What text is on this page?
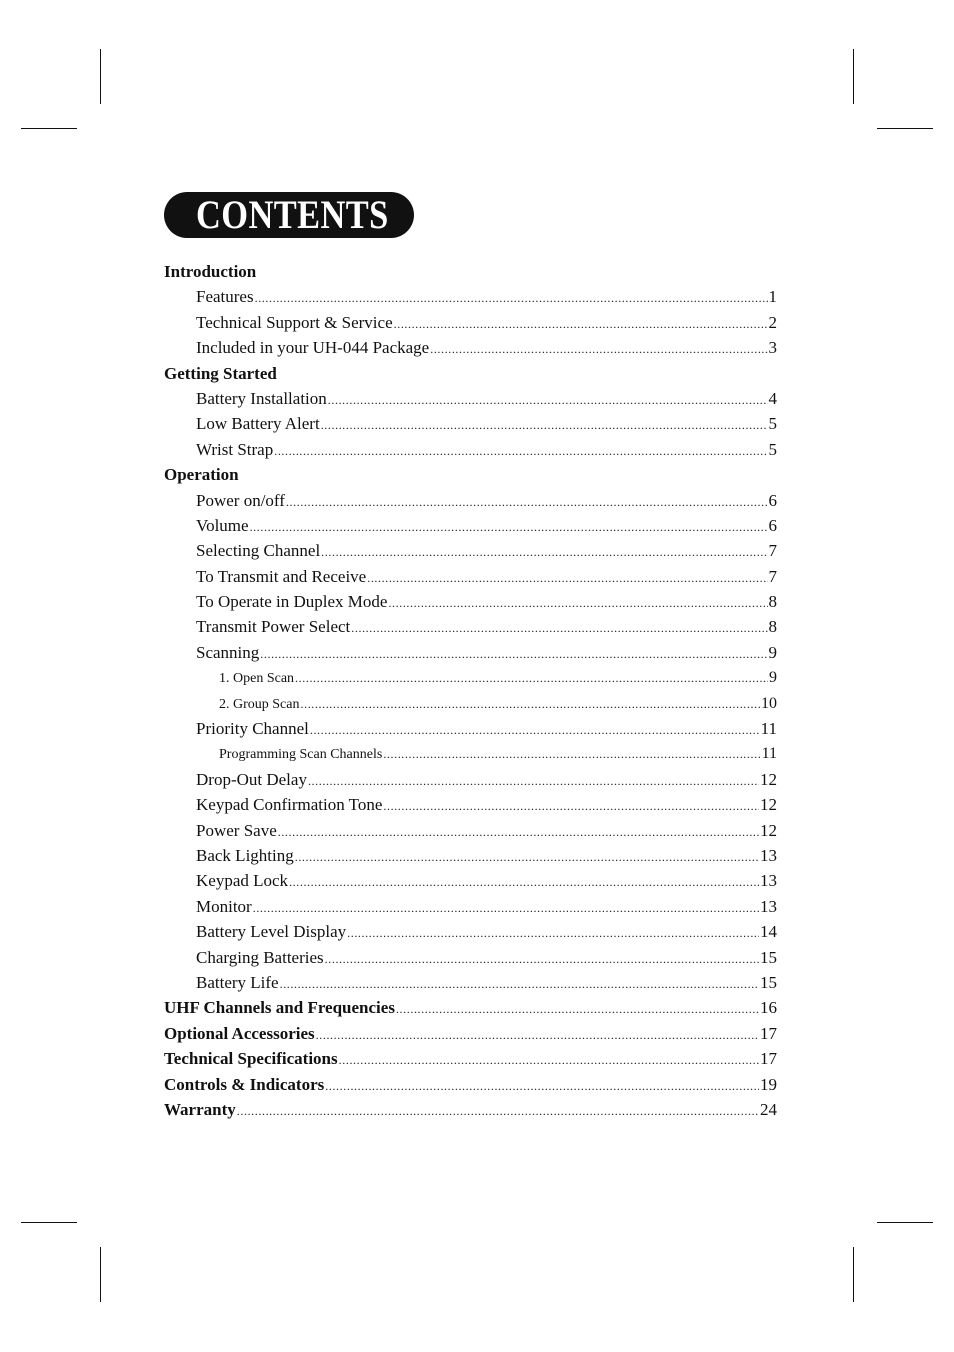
CONTENTS
Introduction
Features .....	1
Technical Support & Service .....	2
Included in your UH-044 Package .....	3
Getting Started
Battery Installation .....	4
Low Battery Alert .....	5
Wrist Strap .....	5
Operation
Power on/off .....	6
Volume .....	6
Selecting Channel .....	7
To Transmit and Receive .....	7
To Operate in Duplex Mode .....	8
Transmit Power Select .....	8
Scanning .....	9
1. Open Scan .....	9
2. Group Scan .....	10
Priority Channel .....	11
Programming Scan Channels .....	11
Drop-Out Delay .....	12
Keypad Confirmation Tone .....	12
Power Save .....	12
Back Lighting .....	13
Keypad Lock .....	13
Monitor .....	13
Battery Level Display .....	14
Charging Batteries .....	15
Battery Life .....	15
UHF Channels and Frequencies .....	16
Optional Accessories .....	17
Technical Specifications .....	17
Controls & Indicators .....	19
Warranty .....	24
